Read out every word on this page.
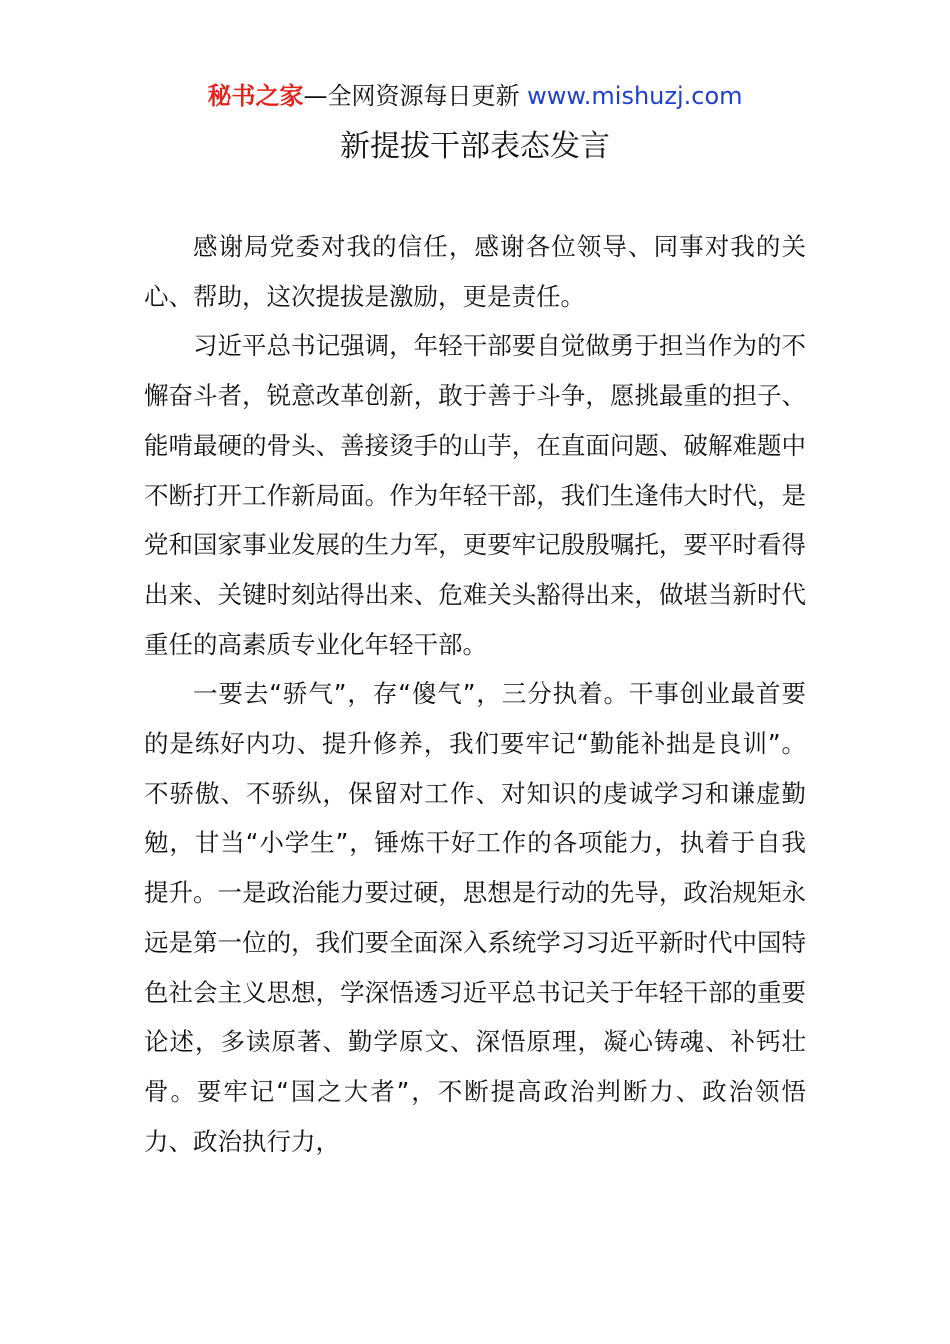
秘书之家—全网资源每日更新 www.mishuzj.com
新提拔干部表态发言

感谢局党委对我的信任，感谢各位领导、同事对我的关心、帮助，这次提拔是激励，更是责任。

习近平总书记强调，年轻干部要自觉做勇于担当作为的不懈奋斗者，锐意改革创新，敢于善于斗争，愿挑最重的担子、能啃最硬的骨头、善接烫手的山芋，在直面问题、破解难题中不断打开工作新局面。作为年轻干部，我们生逢伟大时代，是党和国家事业发展的生力军，更要牢记殷殷嘱托，要平时看得出来、关键时刻站得出来、危难关头豁得出来，做堪当新时代重任的高素质专业化年轻干部。

一要去“骄气”，存“傻气”，三分执着。干事创业最首要的是练好内功、提升修养，我们要牢记“勤能补拙是良训”。不骄傲、不骄纵，保留对工作、对知识的虔诚学习和谦虚勤勉，甘当“小学生”，锤炼干好工作的各项能力，执着于自我提升。一是政治能力要过硬，思想是行动的先导，政治规矩永远是第一位的，我们要全面深入系统学习习近平新时代中国特色社会主义思想，学深悟透习近平总书记关于年轻干部的重要论述，多读原著、勤学原文、深悟原理，凝心铸魂、补钙壮骨。要牢记“国之大者”，不断提高政治判断力、政治领悟力、政治执行力，
